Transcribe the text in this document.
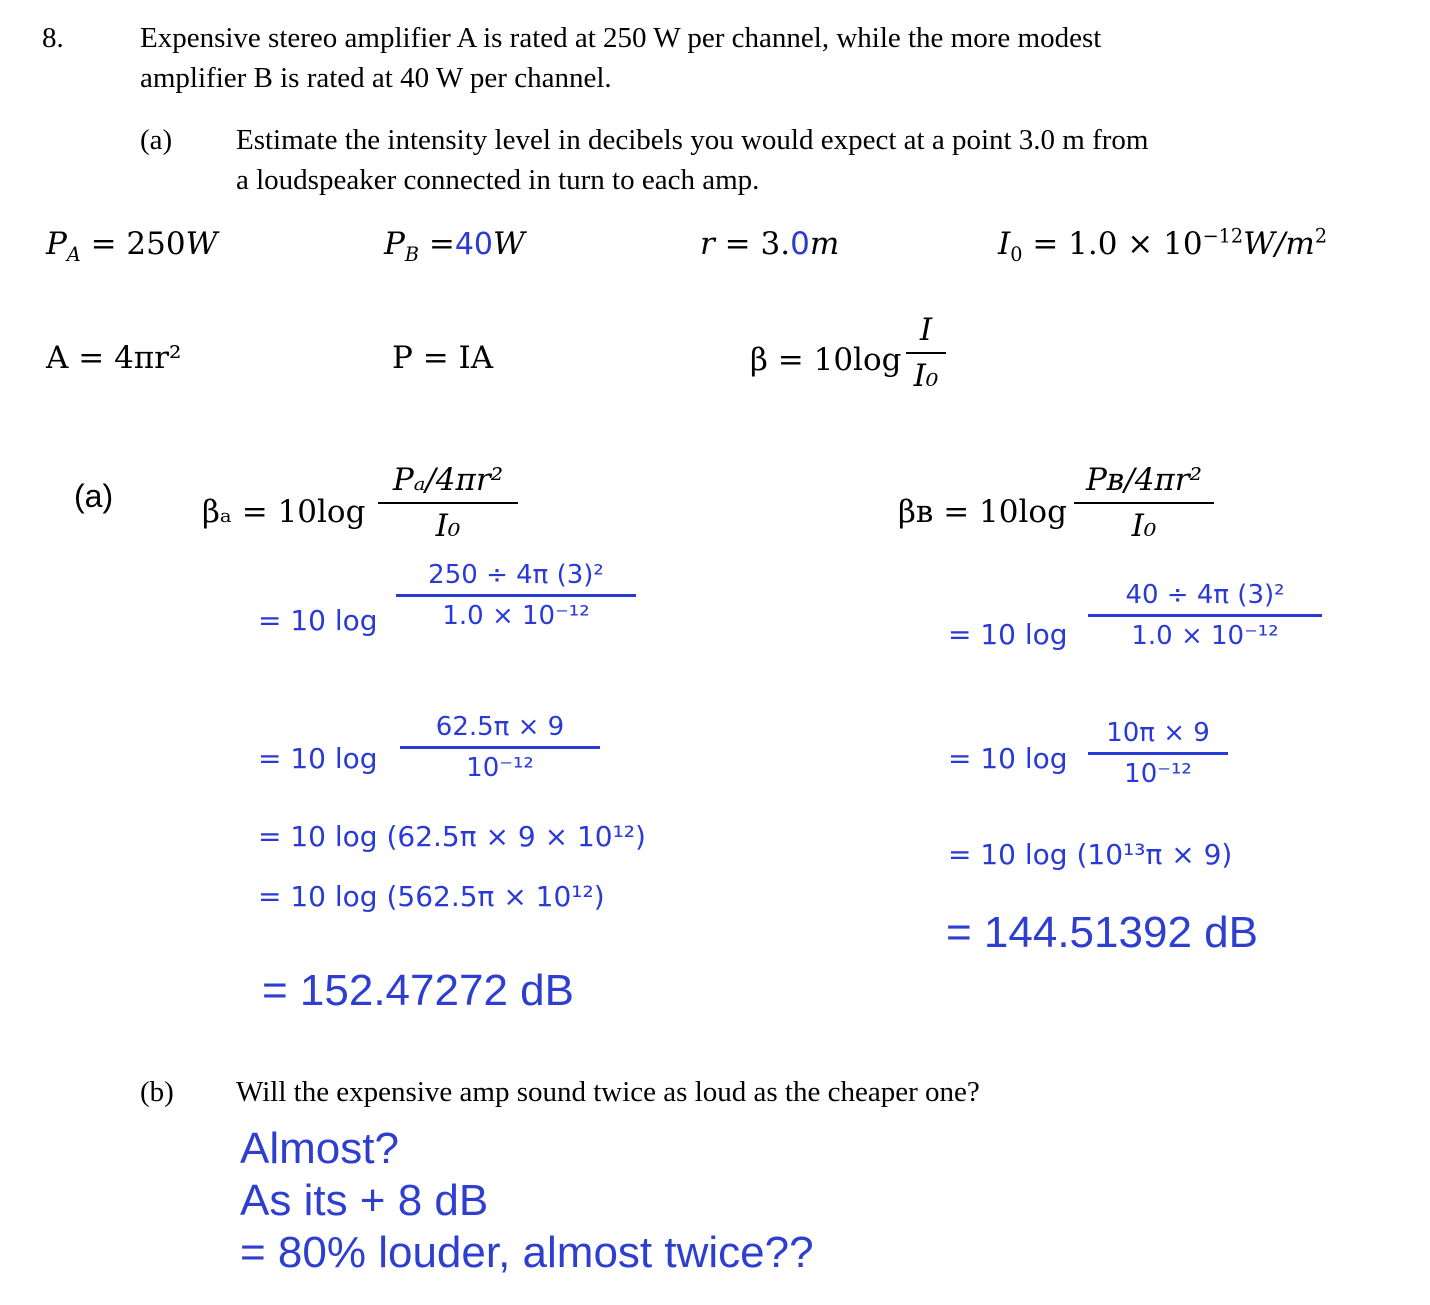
8.	Expensive stereo amplifier A is rated at 250 W per channel, while the more modest
amplifier B is rated at 40 W per channel.
(a) Estimate the intensity level in decibels you would expect at a point 3.0 m from
a loudspeaker connected in turn to each amp.
$P_A = 250W$	$P_B =40W$	r = 3.0m	$I_0 = 1.0 \times 10^{-12}W/m^2$
A = 4πr²	P = IA	β = 10log
I
I₀
(a)	βₐ = 10log
Pₐ/4πr²
I₀
= 10 log
250 ÷ 4π (3)²
1.0 × 10⁻¹²
= 10 log
62.5π × 9
10⁻¹²
= 10 log (62.5π × 9 × 10¹²)
= 10 log (562.5π × 10¹²)
= 152.47272 dB
βʙ = 10log
Pʙ/4πr²
I₀
= 10 log
40 ÷ 4π (3)²
1.0 × 10⁻¹²
= 10 log
10π × 9
10⁻¹²
= 10 log (10¹³π × 9)
= 144.51392 dB
(b) Will the expensive amp sound twice as loud as the cheaper one?
Almost?
As its + 8 dB
= 80% louder, almost twice??
